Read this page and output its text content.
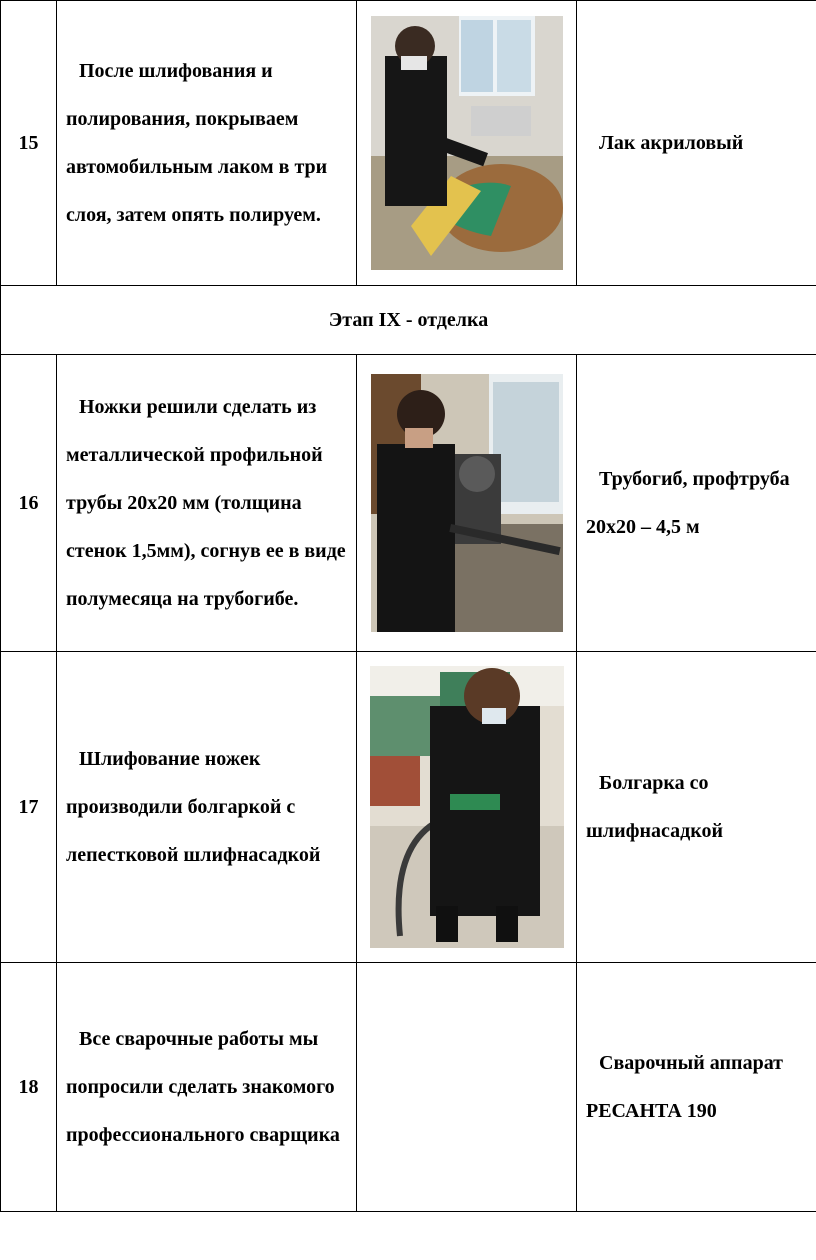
15	После шлифования и полирования, покрываем автомобильным лаком в три слоя, затем опять полируем.		Лак акриловый
Этап IX - отделка			
16	Ножки решили сделать из металлической профильной трубы 20х20 мм (толщина стенок 1,5мм), согнув ее в виде полумесяца на трубогибе.		Трубогиб, профтруба 20х20 – 4,5 м
17	Шлифование ножек производили болгаркой с лепестковой шлифнасадкой		Болгарка со шлифнасадкой
18	Все сварочные работы мы попросили сделать знакомого профессионального сварщика		Сварочный аппарат РЕСАНТА 190
